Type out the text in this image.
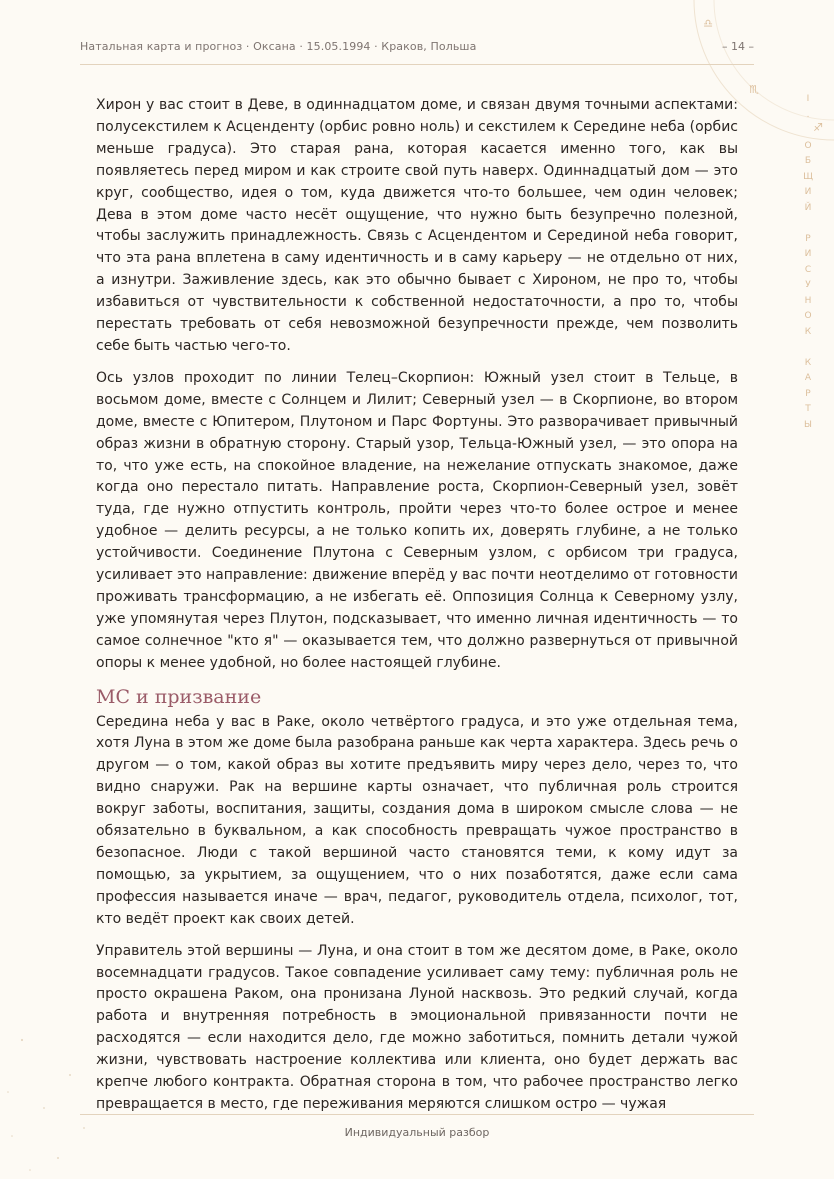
Натальная карта и прогноз · Оксана · 15.05.1994 · Краков, Польша	– 14 –
♎
♏
♐
I
.

О
Б
Щ
И
Й

Р
И
С
У
Н
О
К

К
А
Р
Т
Ы

Хирон у вас стоит в Деве, в одиннадцатом доме, и связан двумя точными аспектами: полусекстилем к Асценденту (орбис ровно ноль) и секстилем к Середине неба (орбис меньше градуса). Это старая рана, которая касается именно того, как вы появляетесь перед миром и как строите свой путь наверх. Одиннадцатый дом — это круг, сообщество, идея о том, куда движется что-то большее, чем один человек; Дева в этом доме часто несёт ощущение, что нужно быть безупречно полезной, чтобы заслужить принадлежность. Связь с Асцендентом и Серединой неба говорит, что эта рана вплетена в саму идентичность и в саму карьеру — не отдельно от них, а изнутри. Заживление здесь, как это обычно бывает с Хироном, не про то, чтобы избавиться от чувствительности к собственной недостаточности, а про то, чтобы перестать требовать от себя невозможной безупречности прежде, чем позволить себе быть частью чего-то.

Ось узлов проходит по линии Телец–Скорпион: Южный узел стоит в Тельце, в восьмом доме, вместе с Солнцем и Лилит; Северный узел — в Скорпионе, во втором доме, вместе с Юпитером, Плутоном и Парс Фортуны. Это разворачивает привычный образ жизни в обратную сторону. Старый узор, Тельца-Южный узел, — это опора на то, что уже есть, на спокойное владение, на нежелание отпускать знакомое, даже когда оно перестало питать. Направление роста, Скорпион-Северный узел, зовёт туда, где нужно отпустить контроль, пройти через что-то более острое и менее удобное — делить ресурсы, а не только копить их, доверять глубине, а не только устойчивости. Соединение Плутона с Северным узлом, с орбисом три градуса, усиливает это направление: движение вперёд у вас почти неотделимо от готовности проживать трансформацию, а не избегать её. Оппозиция Солнца к Северному узлу, уже упомянутая через Плутон, подсказывает, что именно личная идентичность — то самое солнечное "кто я" — оказывается тем, что должно развернуться от привычной опоры к менее удобной, но более настоящей глубине.

MC и призвание

Середина неба у вас в Раке, около четвёртого градуса, и это уже отдельная тема, хотя Луна в этом же доме была разобрана раньше как черта характера. Здесь речь о другом — о том, какой образ вы хотите предъявить миру через дело, через то, что видно снаружи. Рак на вершине карты означает, что публичная роль строится вокруг заботы, воспитания, защиты, создания дома в широком смысле слова — не обязательно в буквальном, а как способность превращать чужое пространство в безопасное. Люди с такой вершиной часто становятся теми, к кому идут за помощью, за укрытием, за ощущением, что о них позаботятся, даже если сама профессия называется иначе — врач, педагог, руководитель отдела, психолог, тот, кто ведёт проект как своих детей.

Управитель этой вершины — Луна, и она стоит в том же десятом доме, в Раке, около восемнадцати градусов. Такое совпадение усиливает саму тему: публичная роль не просто окрашена Раком, она пронизана Луной насквозь. Это редкий случай, когда работа и внутренняя потребность в эмоциональной привязанности почти не расходятся — если находится дело, где можно заботиться, помнить детали чужой жизни, чувствовать настроение коллектива или клиента, оно будет держать вас крепче любого контракта. Обратная сторона в том, что рабочее пространство легко превращается в место, где переживания меряются слишком остро — чужая

Индивидуальный разбор
